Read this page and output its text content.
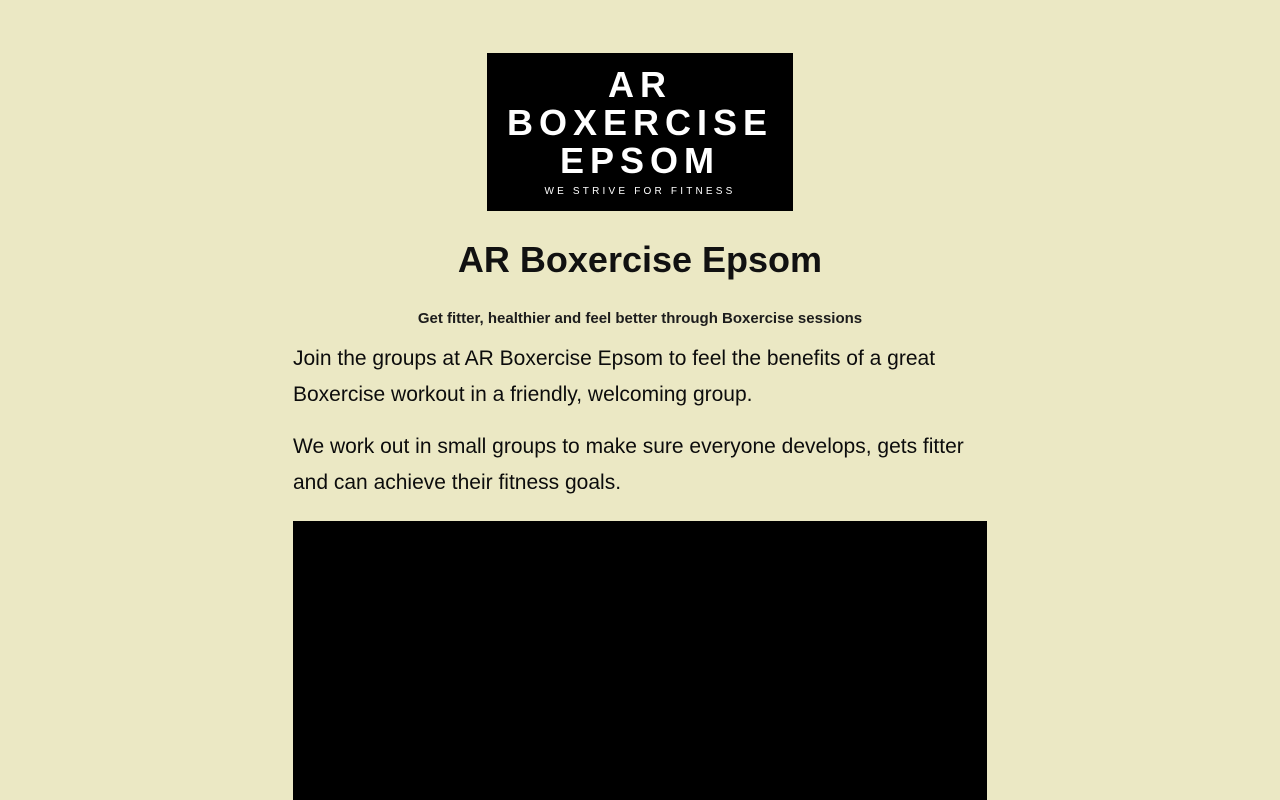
AR
BOXERCISE
EPSOM
WE STRIVE FOR FITNESS
AR Boxercise Epsom
Get fitter, healthier and feel better through Boxercise sessions

Join the groups at AR Boxercise Epsom to feel the benefits of a great Boxercise workout in a friendly, welcoming group.

We work out in small groups to make sure everyone develops, gets fitter and can achieve their fitness goals.
